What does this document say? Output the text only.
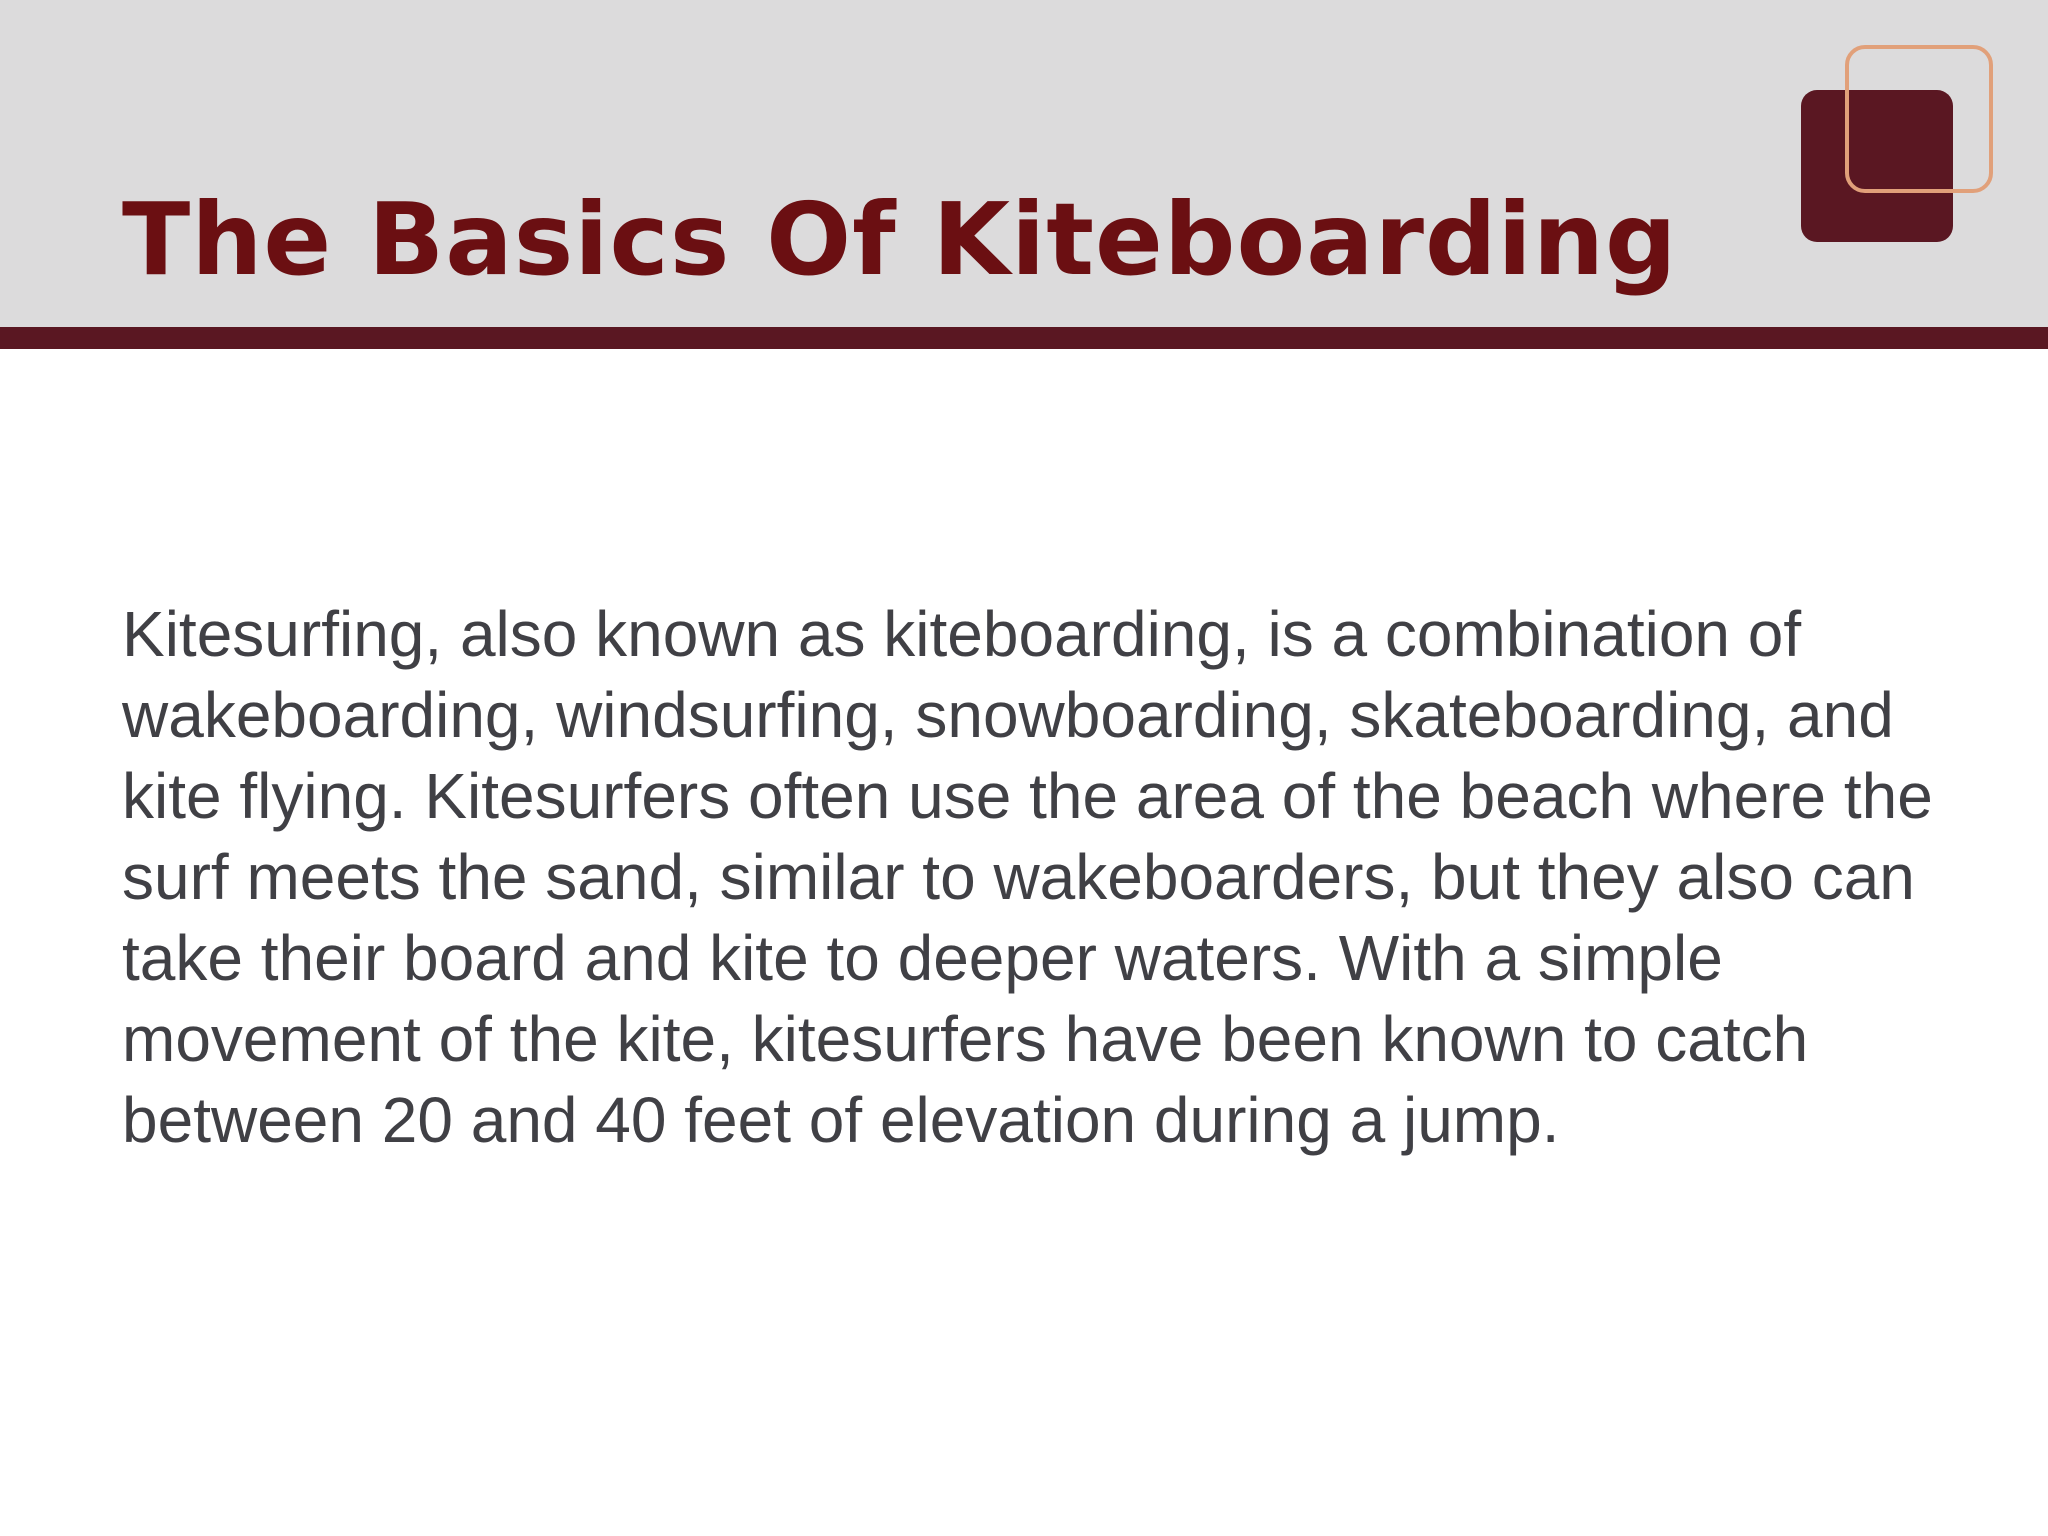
The Basics Of Kiteboarding

Kitesurfing, also known as kiteboarding, is a combination of wakeboarding, windsurfing, snowboarding, skateboarding, and kite flying. Kitesurfers often use the area of the beach where the surf meets the sand, similar to wakeboarders, but they also can take their board and kite to deeper waters. With a simple movement of the kite, kitesurfers have been known to catch between 20 and 40 feet of elevation during a jump.
